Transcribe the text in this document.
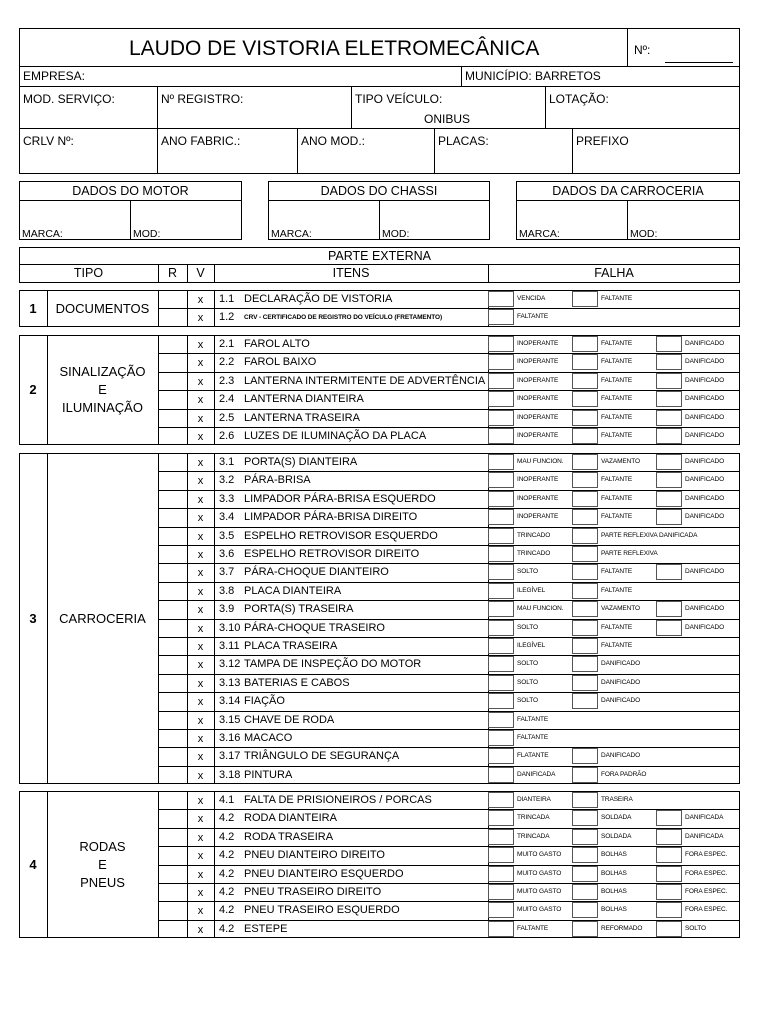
LAUDO DE VISTORIA ELETROMECÂNICA	Nº:
EMPRESA:	MUNICÍPIO: BARRETOS
MOD. SERVIÇO:	Nº REGISTRO:	TIPO VEÍCULO:
ONIBUS
LOTAÇÃO:
CRLV Nº:	ANO FABRIC.:	ANO MOD.:	PLACAS:	PREFIXO
DADOS DO MOTOR
MARCA:	MOD:
DADOS DO CHASSI
MARCA:	MOD:
DADOS DA CARROCERIA
MARCA:	MOD:
PARTE EXTERNA
TIPO	R	V	ITENS	FALHA
1	DOCUMENTOS
x	1.1 DECLARAÇÃO DE VISTORIA	VENCIDA	FALTANTE
x	1.2 CRV - CERTIFICADO DE REGISTRO DO VEÍCULO (FRETAMENTO)	FALTANTE
2
SINALIZAÇÃO
E
ILUMINAÇÃO
x	2.1 FAROL ALTO	INOPERANTE	FALTANTE	DANIFICADO
x	2.2 FAROL BAIXO	INOPERANTE	FALTANTE	DANIFICADO
x	2.3 LANTERNA INTERMITENTE DE ADVERTÊNCIA	INOPERANTE	FALTANTE	DANIFICADO
x	2.4 LANTERNA DIANTEIRA	INOPERANTE	FALTANTE	DANIFICADO
x	2.5 LANTERNA TRASEIRA	INOPERANTE	FALTANTE	DANIFICADO
x	2.6 LUZES DE ILUMINAÇÃO DA PLACA	INOPERANTE	FALTANTE	DANIFICADO
3	CARROCERIA
x	3.1 PORTA(S) DIANTEIRA	MAU FUNCION.	VAZAMENTO	DANIFICADO
x	3.2 PÁRA-BRISA	INOPERANTE	FALTANTE	DANIFICADO
x	3.3 LIMPADOR PÁRA-BRISA ESQUERDO	INOPERANTE	FALTANTE	DANIFICADO
x	3.4 LIMPADOR PÁRA-BRISA DIREITO	INOPERANTE	FALTANTE	DANIFICADO
x	3.5 ESPELHO RETROVISOR ESQUERDO	TRINCADO	PARTE REFLEXIVA DANIFICADA
x	3.6 ESPELHO RETROVISOR DIREITO	TRINCADO	PARTE REFLEXIVA
x	3.7 PÁRA-CHOQUE DIANTEIRO	SOLTO	FALTANTE	DANIFICADO
x	3.8 PLACA DIANTEIRA	ILEGÍVEL	FALTANTE
x	3.9 PORTA(S) TRASEIRA	MAU FUNCION.	VAZAMENTO	DANIFICADO
x	3.10 PÁRA-CHOQUE TRASEIRO	SOLTO	FALTANTE	DANIFICADO
x	3.11 PLACA TRASEIRA	ILEGÍVEL	FALTANTE
x	3.12 TAMPA DE INSPEÇÃO DO MOTOR	SOLTO	DANIFICADO
x	3.13 BATERIAS E CABOS	SOLTO	DANIFICADO
x	3.14 FIAÇÃO	SOLTO	DANIFICADO
x	3.15 CHAVE DE RODA	FALTANTE
x	3.16 MACACO	FALTANTE
x	3.17 TRIÂNGULO DE SEGURANÇA	FLATANTE	DANIFICADO
x	3.18 PINTURA	DANIFICADA	FORA PADRÃO
4
RODAS
E
PNEUS
x	4.1 FALTA DE PRISIONEIROS / PORCAS	DIANTEIRA	TRASEIRA
x	4.2 RODA DIANTEIRA	TRINCADA	SOLDADA	DANIFICADA
x	4.2 RODA TRASEIRA	TRINCADA	SOLDADA	DANIFICADA
x	4.2 PNEU DIANTEIRO DIREITO	MUITO GASTO	BOLHAS	FORA ESPEC.
x	4.2 PNEU DIANTEIRO ESQUERDO	MUITO GASTO	BOLHAS	FORA ESPEC.
x	4.2 PNEU TRASEIRO DIREITO	MUITO GASTO	BOLHAS	FORA ESPEC.
x	4.2 PNEU TRASEIRO ESQUERDO	MUITO GASTO	BOLHAS	FORA ESPEC.
x	4.2 ESTEPE	FALTANTE	REFORMADO	SOLTO
